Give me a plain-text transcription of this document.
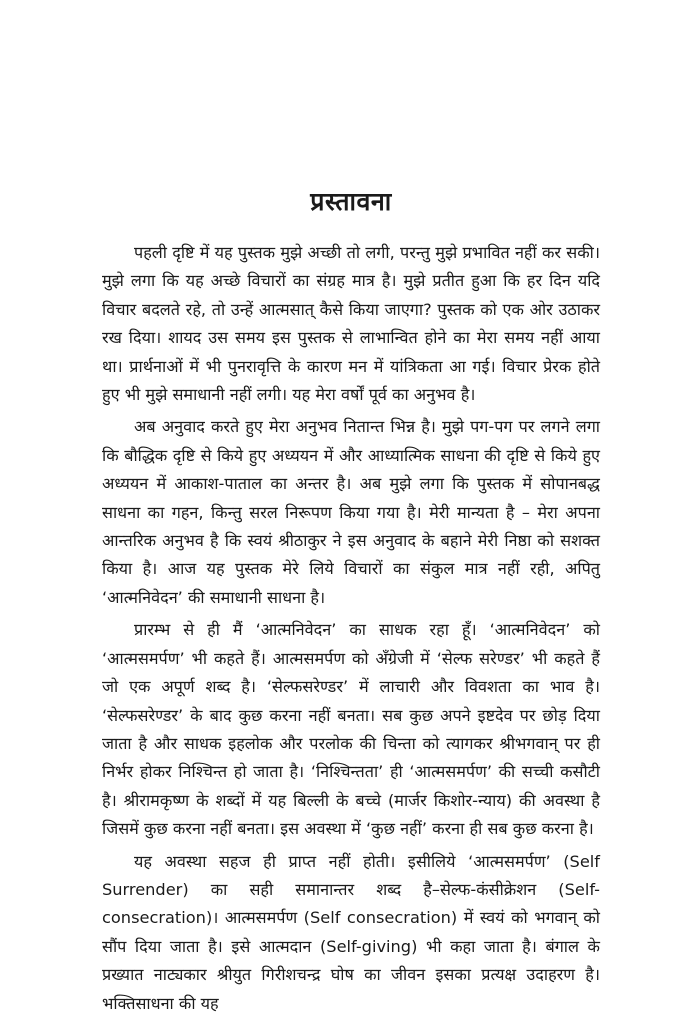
प्रस्तावना

पहली दृष्टि में यह पुस्तक मुझे अच्छी तो लगी, परन्तु मुझे प्रभावित नहीं कर सकी। मुझे लगा कि यह अच्छे विचारों का संग्रह मात्र है। मुझे प्रतीत हुआ कि हर दिन यदि विचार बदलते रहे, तो उन्हें आत्मसात् कैसे किया जाएगा? पुस्तक को एक ओर उठाकर रख दिया। शायद उस समय इस पुस्तक से लाभान्वित होने का मेरा समय नहीं आया था। प्रार्थनाओं में भी पुनरावृत्ति के कारण मन में यांत्रिकता आ गई। विचार प्रेरक होते हुए भी मुझे समाधानी नहीं लगी। यह मेरा वर्षों पूर्व का अनुभव है।

अब अनुवाद करते हुए मेरा अनुभव नितान्त भिन्न है। मुझे पग-पग पर लगने लगा कि बौद्धिक दृष्टि से किये हुए अध्ययन में और आध्यात्मिक साधना की दृष्टि से किये हुए अध्ययन में आकाश-पाताल का अन्तर है। अब मुझे लगा कि पुस्तक में सोपानबद्ध साधना का गहन, किन्तु सरल निरूपण किया गया है। मेरी मान्यता है – मेरा अपना आन्तरिक अनुभव है कि स्वयं श्रीठाकुर ने इस अनुवाद के बहाने मेरी निष्ठा को सशक्त किया है। आज यह पुस्तक मेरे लिये विचारों का संकुल मात्र नहीं रही, अपितु ‘आत्मनिवेदन’ की समाधानी साधना है।

प्रारम्भ से ही मैं ‘आत्मनिवेदन’ का साधक रहा हूँ। ‘आत्मनिवेदन’ को ‘आत्मसमर्पण’ भी कहते हैं। आत्मसमर्पण को अँग्रेजी में ‘सेल्फ सरेण्डर’ भी कहते हैं जो एक अपूर्ण शब्द है। ‘सेल्फसरेण्डर’ में लाचारी और विवशता का भाव है। ‘सेल्फसरेण्डर’ के बाद कुछ करना नहीं बनता। सब कुछ अपने इष्टदेव पर छोड़ दिया जाता है और साधक इहलोक और परलोक की चिन्ता को त्यागकर श्रीभगवान् पर ही निर्भर होकर निश्चिन्त हो जाता है। ‘निश्चिन्तता’ ही ‘आत्मसमर्पण’ की सच्ची कसौटी है। श्रीरामकृष्ण के शब्दों में यह बिल्ली के बच्चे (मार्जर किशोर-न्याय) की अवस्था है जिसमें कुछ करना नहीं बनता। इस अवस्था में ‘कुछ नहीं’ करना ही सब कुछ करना है।

यह अवस्था सहज ही प्राप्त नहीं होती। इसीलिये ‘आत्मसमर्पण’ (Self Surrender) का सही समानान्तर शब्द है–सेल्फ-कंसीक्रेशन (Self-consecration)। आत्मसमर्पण (Self consecration) में स्वयं को भगवान् को सौंप दिया जाता है। इसे आत्मदान (Self-giving) भी कहा जाता है। बंगाल के प्रख्यात नाट्यकार श्रीयुत गिरीशचन्द्र घोष का जीवन इसका प्रत्यक्ष उदाहरण है। भक्तिसाधना की यह
